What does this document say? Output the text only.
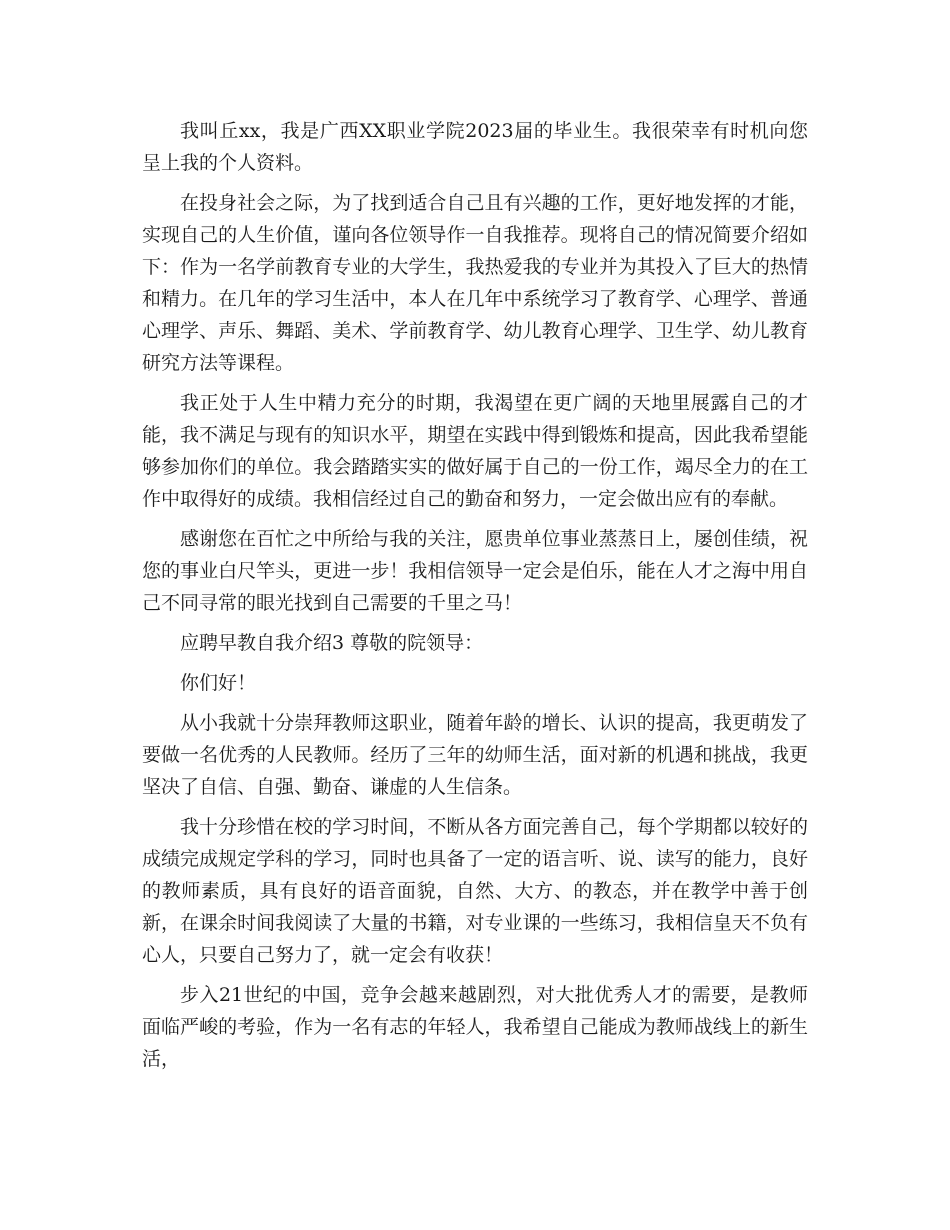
我叫丘xx，我是广西XX职业学院2023届的毕业生。我很荣幸有时机向您呈上我的个人资料。

在投身社会之际，为了找到适合自己且有兴趣的工作，更好地发挥的才能，实现自己的人生价值，谨向各位领导作一自我推荐。现将自己的情况简要介绍如下：作为一名学前教育专业的大学生，我热爱我的专业并为其投入了巨大的热情和精力。在几年的学习生活中，本人在几年中系统学习了教育学、心理学、普通心理学、声乐、舞蹈、美术、学前教育学、幼儿教育心理学、卫生学、幼儿教育研究方法等课程。

我正处于人生中精力充分的时期，我渴望在更广阔的天地里展露自己的才能，我不满足与现有的知识水平，期望在实践中得到锻炼和提高，因此我希望能够参加你们的单位。我会踏踏实实的做好属于自己的一份工作，竭尽全力的在工作中取得好的成绩。我相信经过自己的勤奋和努力，一定会做出应有的奉献。

感谢您在百忙之中所给与我的关注，愿贵单位事业蒸蒸日上，屡创佳绩，祝您的事业白尺竿头，更进一步！我相信领导一定会是伯乐，能在人才之海中用自己不同寻常的眼光找到自己需要的千里之马！

应聘早教自我介绍3 尊敬的院领导：

你们好！

从小我就十分崇拜教师这职业，随着年龄的增长、认识的提高，我更萌发了要做一名优秀的人民教师。经历了三年的幼师生活，面对新的机遇和挑战，我更坚决了自信、自强、勤奋、谦虚的人生信条。

我十分珍惜在校的学习时间，不断从各方面完善自己，每个学期都以较好的成绩完成规定学科的学习，同时也具备了一定的语言听、说、读写的能力，良好的教师素质，具有良好的语音面貌，自然、大方、的教态，并在教学中善于创新，在课余时间我阅读了大量的书籍，对专业课的一些练习，我相信皇天不负有心人，只要自己努力了，就一定会有收获！

步入21世纪的中国，竞争会越来越剧烈，对大批优秀人才的需要，是教师面临严峻的考验，作为一名有志的年轻人，我希望自己能成为教师战线上的新生活，
